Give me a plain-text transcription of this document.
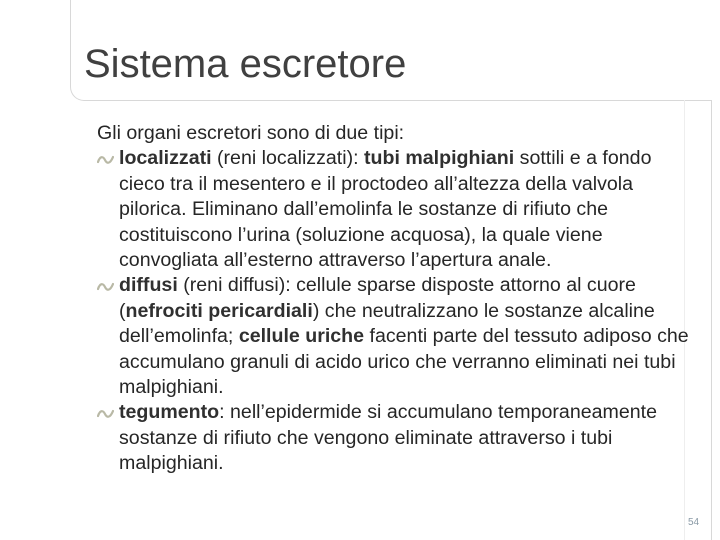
Sistema escretore

Gli organi escretori sono di due tipi:

localizzati (reni localizzati): tubi malpighiani sottili e a fondo cieco tra il mesentero e il proctodeo all’altezza della valvola pilorica. Eliminano dall’emolinfa le sostanze di rifiuto che costituiscono l’urina (soluzione acquosa), la quale viene convogliata all’esterno attraverso l’apertura anale.
diffusi (reni diffusi): cellule sparse disposte attorno al cuore (nefrociti pericardiali) che neutralizzano le sostanze alcaline dell’emolinfa; cellule uriche facenti parte del tessuto adiposo che accumulano granuli di acido urico che verranno eliminati nei tubi malpighiani.
tegumento: nell’epidermide si accumulano temporaneamente sostanze di rifiuto che vengono eliminate attraverso i tubi malpighiani.
54
